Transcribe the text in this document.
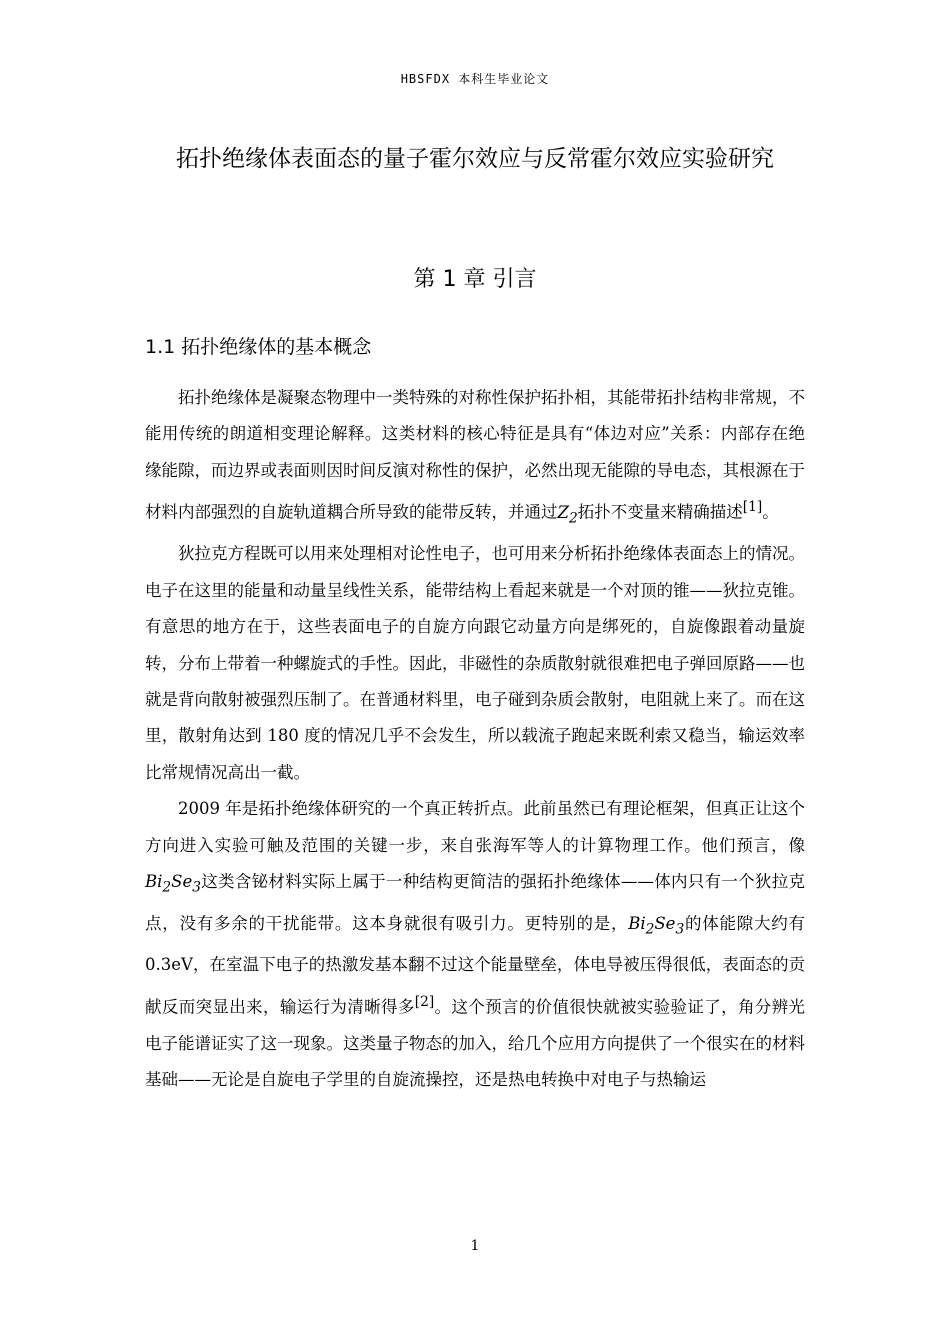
HBSFDX 本科生毕业论文
拓扑绝缘体表面态的量子霍尔效应与反常霍尔效应实验研究
第 1 章 引言
1.1 拓扑绝缘体的基本概念

拓扑绝缘体是凝聚态物理中一类特殊的对称性保护拓扑相，其能带拓扑结构非常规，不能用传统的朗道相变理论解释。这类材料的核心特征是具有“体边对应”关系：内部存在绝缘能隙，而边界或表面则因时间反演对称性的保护，必然出现无能隙的导电态，其根源在于材料内部强烈的自旋轨道耦合所导致的能带反转，并通过$Z_2$拓扑不变量来精确描述[1]。

狄拉克方程既可以用来处理相对论性电子，也可用来分析拓扑绝缘体表面态上的情况。电子在这里的能量和动量呈线性关系，能带结构上看起来就是一个对顶的锥——狄拉克锥。有意思的地方在于，这些表面电子的自旋方向跟它动量方向是绑死的，自旋像跟着动量旋转，分布上带着一种螺旋式的手性。因此，非磁性的杂质散射就很难把电子弹回原路——也就是背向散射被强烈压制了。在普通材料里，电子碰到杂质会散射，电阻就上来了。而在这里，散射角达到 180 度的情况几乎不会发生，所以载流子跑起来既利索又稳当，输运效率比常规情况高出一截。

2009 年是拓扑绝缘体研究的一个真正转折点。此前虽然已有理论框架，但真正让这个方向进入实验可触及范围的关键一步，来自张海军等人的计算物理工作。他们预言，像$Bi_2Se_3$这类含铋材料实际上属于一种结构更简洁的强拓扑绝缘体——体内只有一个狄拉克点，没有多余的干扰能带。这本身就很有吸引力。更特别的是，$Bi_2Se_3$的体能隙大约有 0.3eV，在室温下电子的热激发基本翻不过这个能量壁垒，体电导被压得很低，表面态的贡献反而突显出来，输运行为清晰得多[2]。这个预言的价值很快就被实验验证了，角分辨光电子能谱证实了这一现象。这类量子物态的加入，给几个应用方向提供了一个很实在的材料基础——无论是自旋电子学里的自旋流操控，还是热电转换中对电子与热输运

1
